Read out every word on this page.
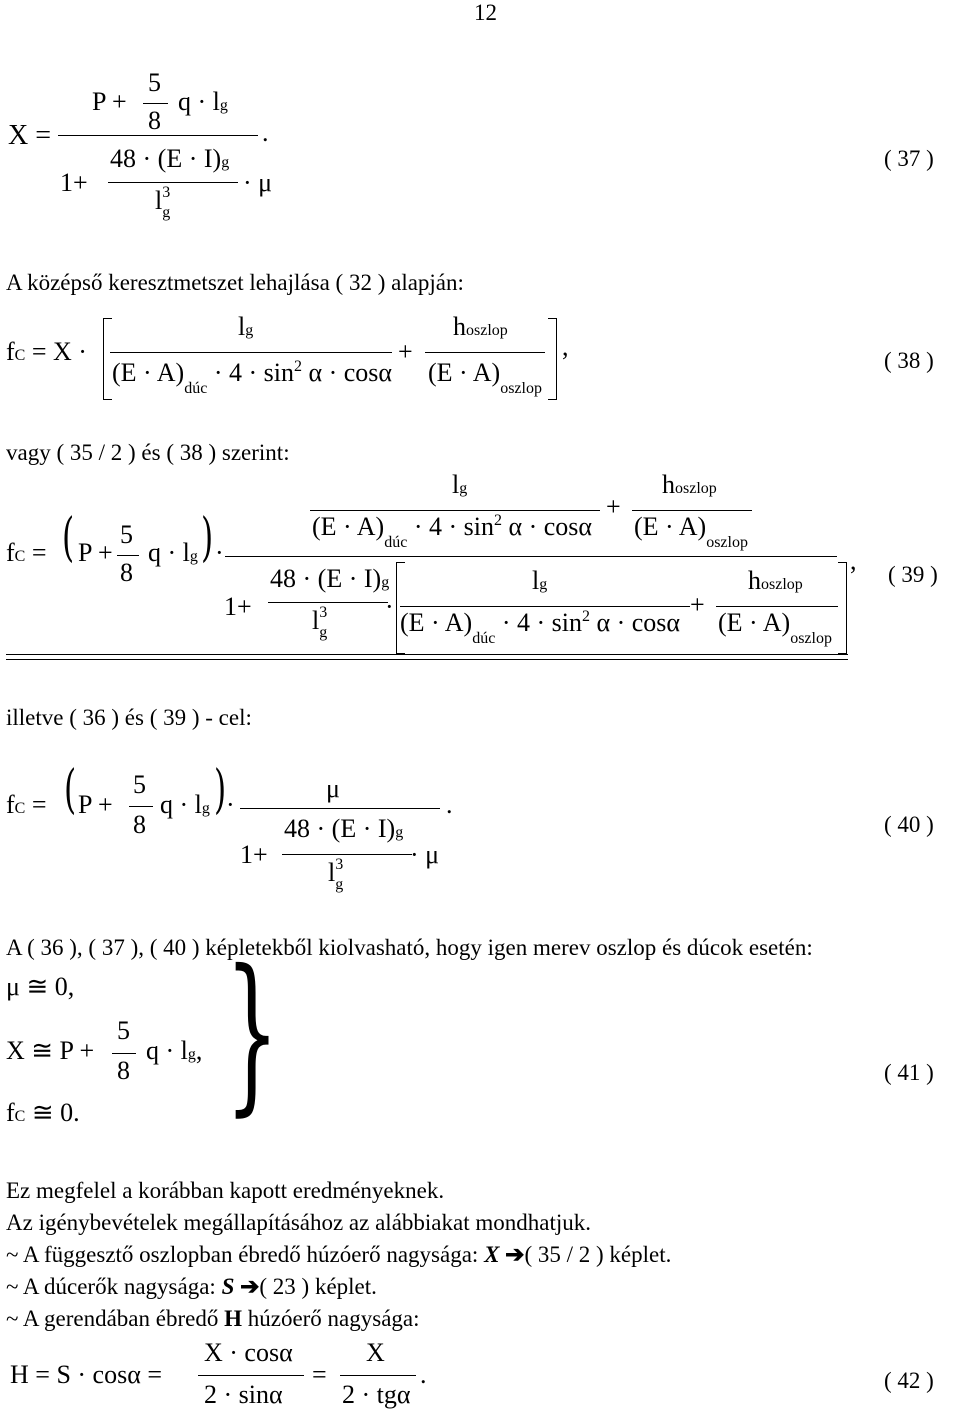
12
X =
P +
5
8
q · lg
.
1+
48 · (E · I)g
$l^3_g$
· μ
( 37 )
A középső keresztmetszet lehajlása ( 32 ) alapján:
fC = X ·
lg
$(E \cdot A)_{dúc} \cdot 4 \cdot \sin^2 \alpha \cdot \cos\alpha$
+
hoszlop
$(E \cdot A)_{oszlop}$
,	( 38 )
vagy ( 35 / 2 ) és ( 38 ) szerint:
fC = ( P +
5
8
q · lg ) ·
lg
$(E \cdot A)_{dúc} \cdot 4 \cdot \sin^2 \alpha \cdot \cos\alpha$
+
hoszlop
$(E \cdot A)_{oszlop}$
,
1+
48 · (E · I)g
$l^3_g$
·
lg
$(E \cdot A)_{dúc} \cdot 4 \cdot \sin^2 \alpha \cdot \cos\alpha$
+
hoszlop
$(E \cdot A)_{oszlop}$
( 39 )
illetve ( 36 ) és ( 39 ) - cel:
fC = ( P +
5
8
q · lg ) ·
μ
.
1+
48 · (E · I)g
$l^3_g$
· μ
( 40 )
A ( 36 ), ( 37 ), ( 40 ) képletekből kiolvasható, hogy igen merev oszlop és dúcok esetén:
μ ≅ 0,
X ≅ P +
5
8
q · lg,
fC ≅ 0. }	( 41 )
Ez megfelel a korábban kapott eredményeknek.
Az igénybevételek megállapításához az alábbiakat mondhatjuk.
~ A függesztő oszlopban ébredő húzóerő nagysága: X ➔( 35 / 2 ) képlet.
~ A dúcerők nagysága: S ➔( 23 ) képlet.
~ A gerendában ébredő H húzóerő nagysága:
H = S · cosα =
X · cosα
2 · sinα
=
X
2 · tgα
.	( 42 )
